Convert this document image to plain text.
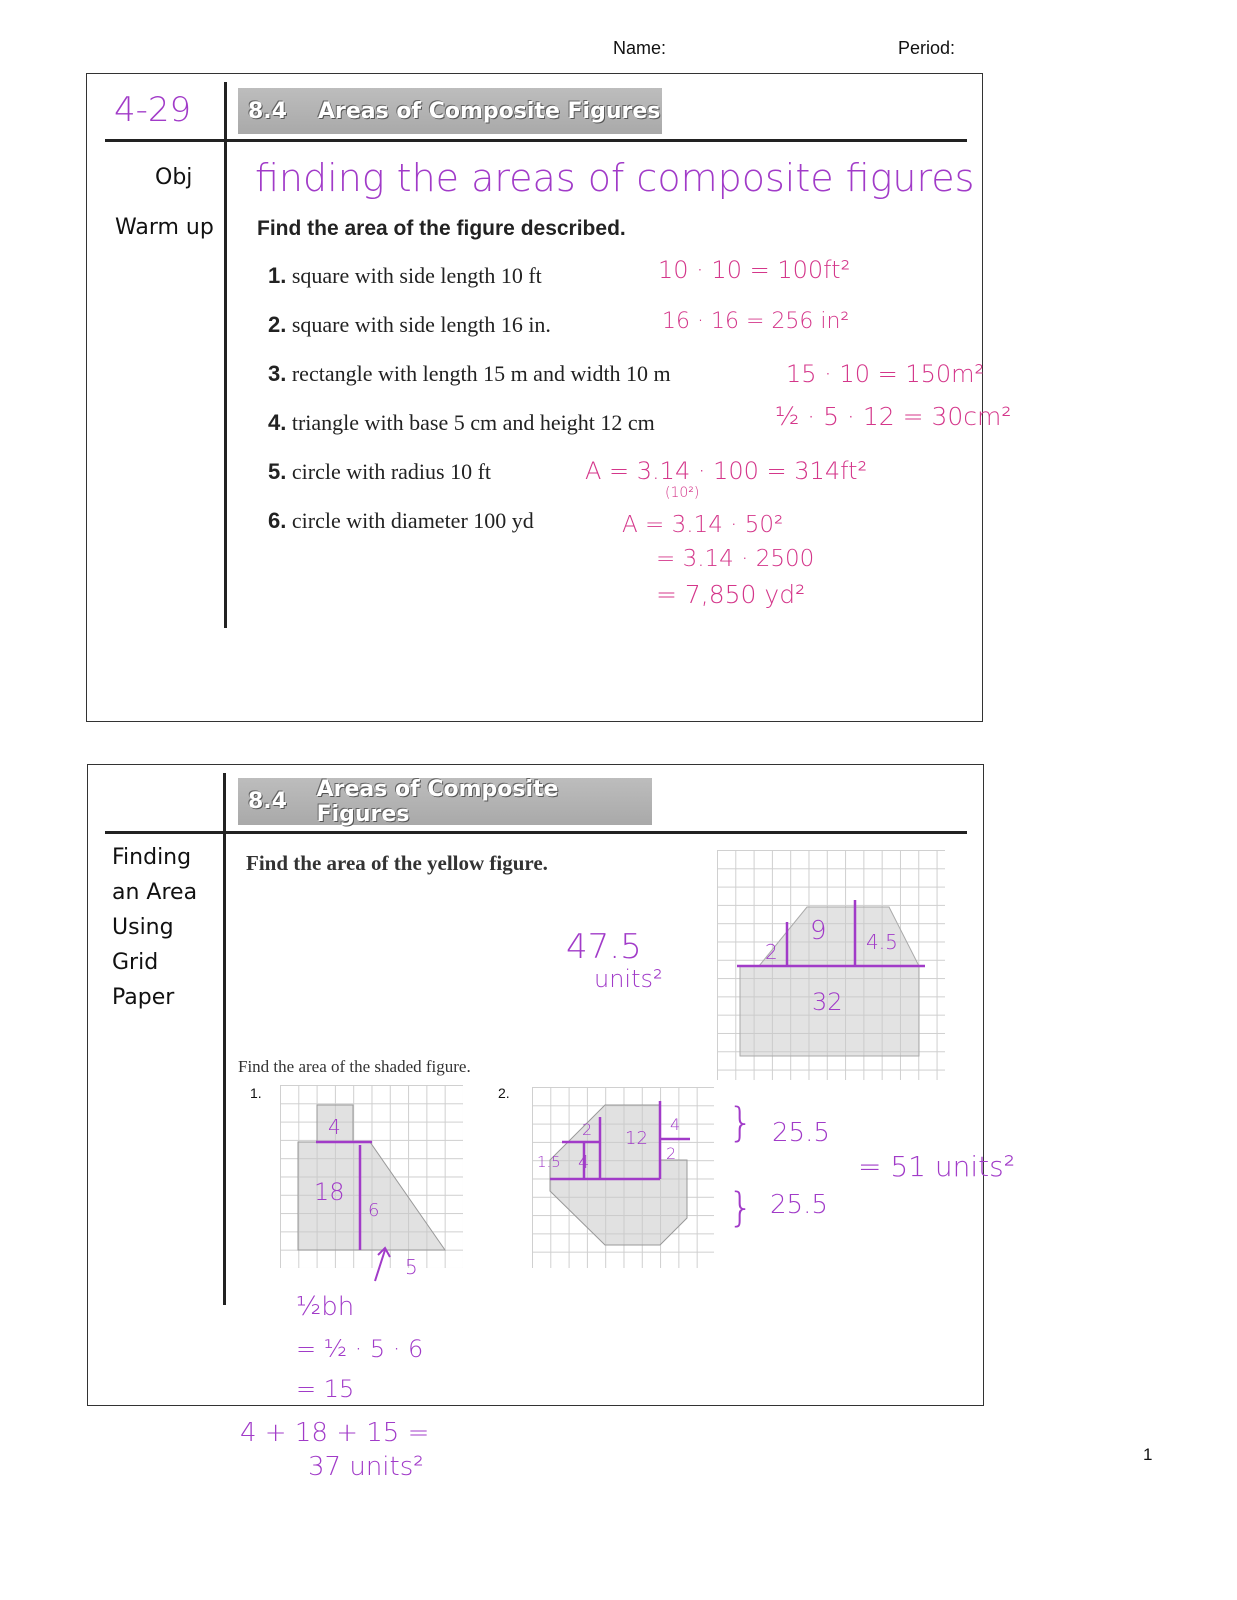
Name:	Period:
4-29	8.4	Areas of Composite Figures
Obj
Warm up
finding the areas of composite figures
Find the area of the figure described.
1. square with side length 10 ft	10 · 10 = 100ft²
2. square with side length 16 in.	16 · 16 = 256 in²
3. rectangle with length 15 m and width 10 m	15 · 10 = 150m²
4. triangle with base 5 cm and height 12 cm	½ · 5 · 12 = 30cm²
5. circle with radius 10 ft	A = 3.14 · 100 = 314ft²
(10²)
6. circle with diameter 100 yd	A = 3.14 · 50²
= 3.14 · 2500
= 7,850 yd²
8.4	Areas of Composite Figures
Finding
an Area
Using
Grid
Paper
Find the area of the yellow figure.
47.5
units²
2
9 4.5
32
Find the area of the shaded figure.
1.	2.
4
18
6
5
½bh
= ½ · 5 · 6
= 15
4 + 18 + 15 =
37 units²
2 12
4
1.5 4	2
} 25.5
} 25.5
= 51 units²
1
